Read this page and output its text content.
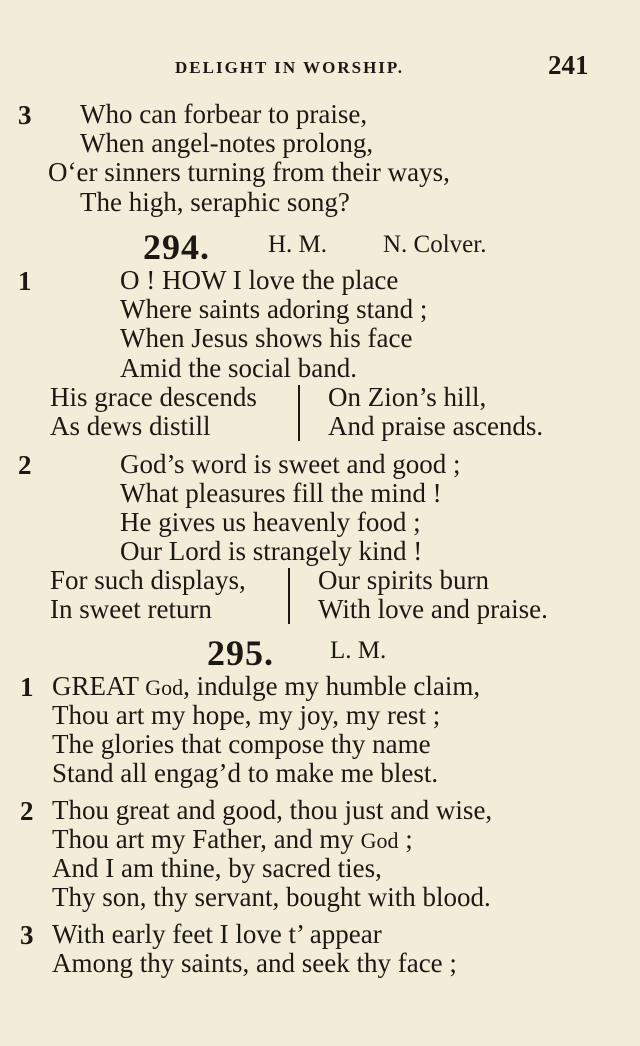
DELIGHT IN WORSHIP.	241
3 Who can forbear to praise,
When angel-notes prolong,
O‘er sinners turning from their ways,
The high, seraphic song?
294. H. M. N. Colver.
1	O ! HOW I love the place
Where saints adoring stand ;
When Jesus shows his face
Amid the social band.
His grace descends
As dews distill
On Zion’s hill,
And praise ascends.
2	God’s word is sweet and good ;
What pleasures fill the mind !
He gives us heavenly food ;
Our Lord is strangely kind !
For such displays,
In sweet return
Our spirits burn
With love and praise.
295. L. M.
1 GREAT God, indulge my humble claim,
Thou art my hope, my joy, my rest ;
The glories that compose thy name
Stand all engag’d to make me blest.
2 Thou great and good, thou just and wise,
Thou art my Father, and my God ;
And I am thine, by sacred ties,
Thy son, thy servant, bought with blood.
3 With early feet I love t’ appear
Among thy saints, and seek thy face ;
